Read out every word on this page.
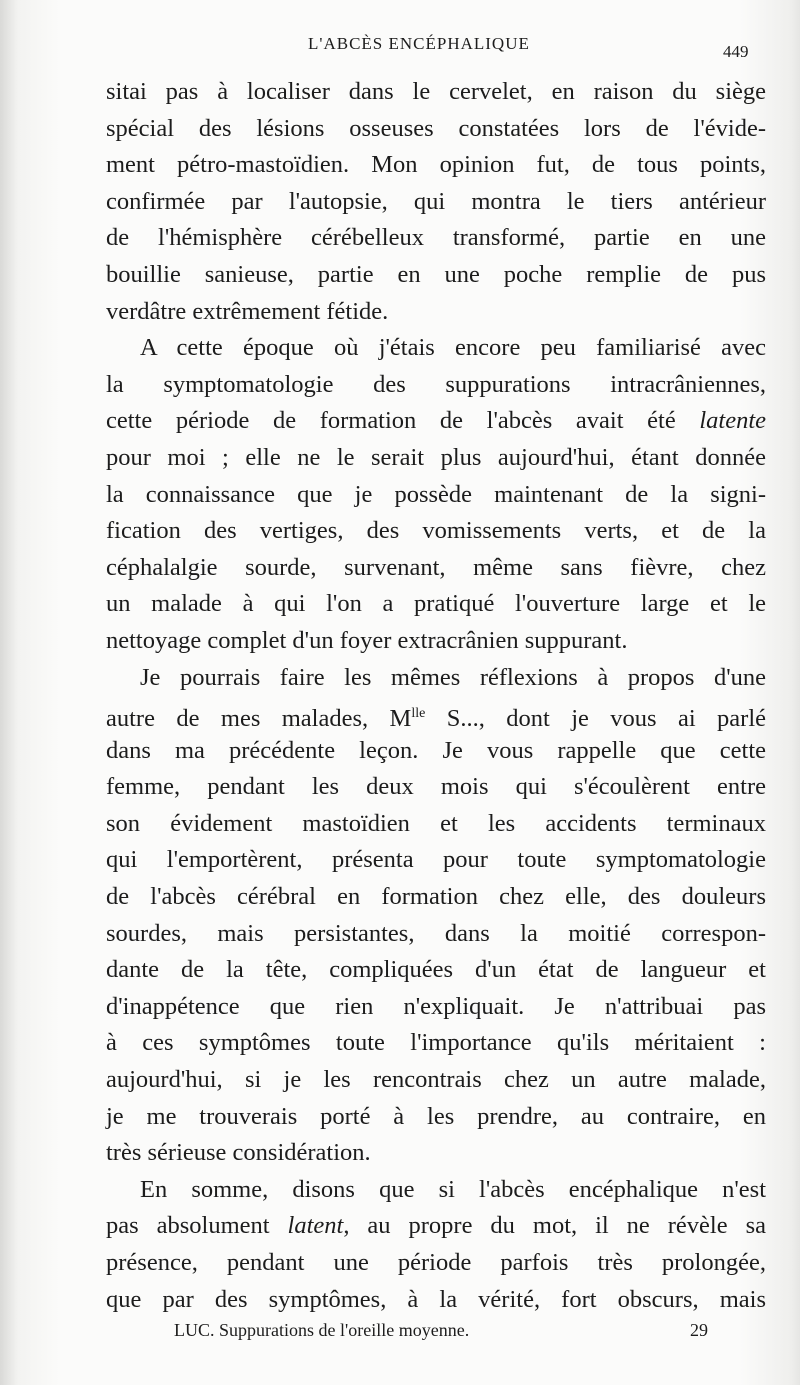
L'ABCÈS ENCÉPHALIQUE	449
sitai pas à localiser dans le cervelet, en raison du siège
spécial des lésions osseuses constatées lors de l'évide-
ment pétro-mastoïdien. Mon opinion fut, de tous points,
confirmée par l'autopsie, qui montra le tiers antérieur
de l'hémisphère cérébelleux transformé, partie en une
bouillie sanieuse, partie en une poche remplie de pus
verdâtre extrêmement fétide.
A cette époque où j'étais encore peu familiarisé avec
la symptomatologie des suppurations intracrâniennes,
cette période de formation de l'abcès avait été latente
pour moi ; elle ne le serait plus aujourd'hui, étant donnée
la connaissance que je possède maintenant de la signi-
fication des vertiges, des vomissements verts, et de la
céphalalgie sourde, survenant, même sans fièvre, chez
un malade à qui l'on a pratiqué l'ouverture large et le
nettoyage complet d'un foyer extracrânien suppurant.
Je pourrais faire les mêmes réflexions à propos d'une
autre de mes malades, $M^{lle}$ S..., dont je vous ai parlé
dans ma précédente leçon. Je vous rappelle que cette
femme, pendant les deux mois qui s'écoulèrent entre
son évidement mastoïdien et les accidents terminaux
qui l'emportèrent, présenta pour toute symptomatologie
de l'abcès cérébral en formation chez elle, des douleurs
sourdes, mais persistantes, dans la moitié correspon-
dante de la tête, compliquées d'un état de langueur et
d'inappétence que rien n'expliquait. Je n'attribuai pas
à ces symptômes toute l'importance qu'ils méritaient :
aujourd'hui, si je les rencontrais chez un autre malade,
je me trouverais porté à les prendre, au contraire, en
très sérieuse considération.
En somme, disons que si l'abcès encéphalique n'est
pas absolument latent, au propre du mot, il ne révèle sa
présence, pendant une période parfois très prolongée,
que par des symptômes, à la vérité, fort obscurs, mais
LUC. Suppurations de l'oreille moyenne.	29
